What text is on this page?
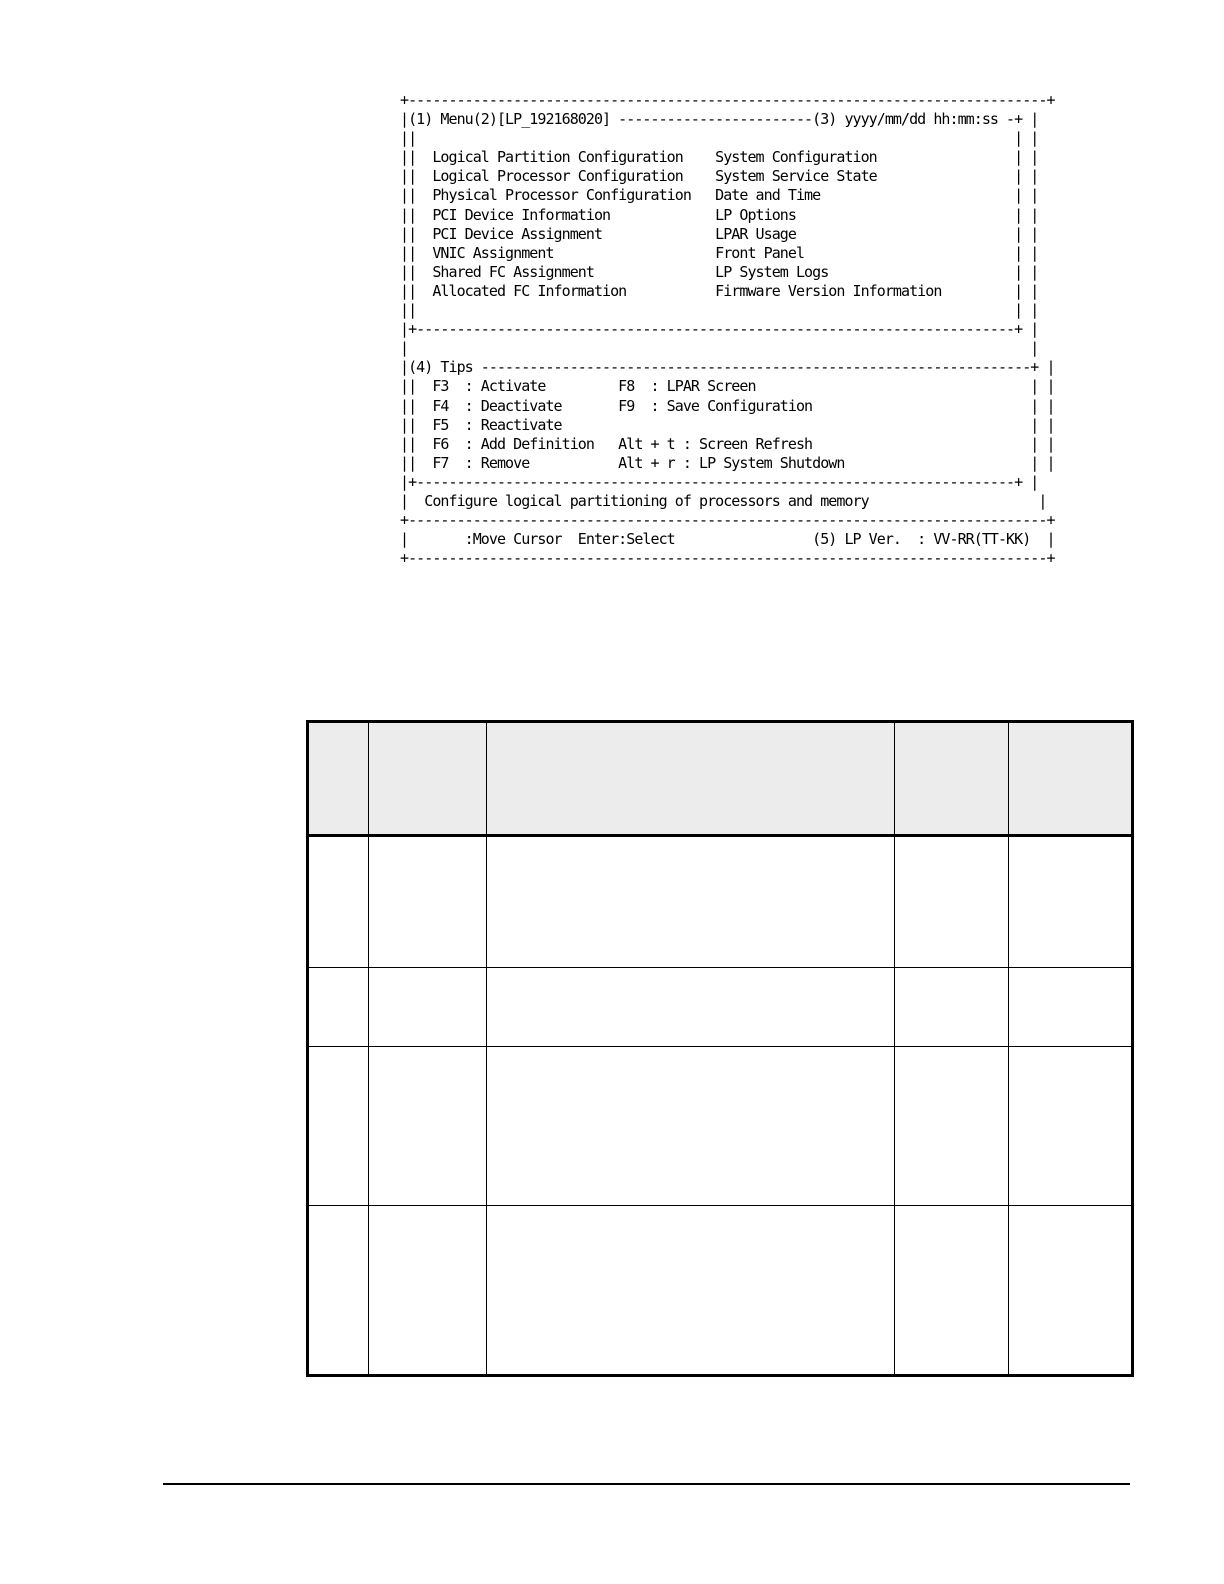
+-------------------------------------------------------------------------------+
|(1) Menu(2)[LP_192168020] ------------------------(3) yyyy/mm/dd hh:mm:ss -+ |
||                                                                          | |
||  Logical Partition Configuration    System Configuration                 | |
||  Logical Processor Configuration    System Service State                 | |
||  Physical Processor Configuration   Date and Time                        | |
||  PCI Device Information             LP Options                           | |
||  PCI Device Assignment              LPAR Usage                           | |
||  VNIC Assignment                    Front Panel                          | |
||  Shared FC Assignment               LP System Logs                       | |
||  Allocated FC Information           Firmware Version Information         | |
||                                                                          | |
|+--------------------------------------------------------------------------+ |
|                                                                             |
|(4) Tips --------------------------------------------------------------------+ |
||  F3  : Activate         F8  : LPAR Screen                                  | |
||  F4  : Deactivate       F9  : Save Configuration                           | |
||  F5  : Reactivate                                                          | |
||  F6  : Add Definition   Alt + t : Screen Refresh                           | |
||  F7  : Remove           Alt + r : LP System Shutdown                       | |
|+--------------------------------------------------------------------------+ |
|  Configure logical partitioning of processors and memory                     |
+-------------------------------------------------------------------------------+
|       :Move Cursor  Enter:Select                 (5) LP Ver.  : VV-RR(TT-KK)  |
+-------------------------------------------------------------------------------+
